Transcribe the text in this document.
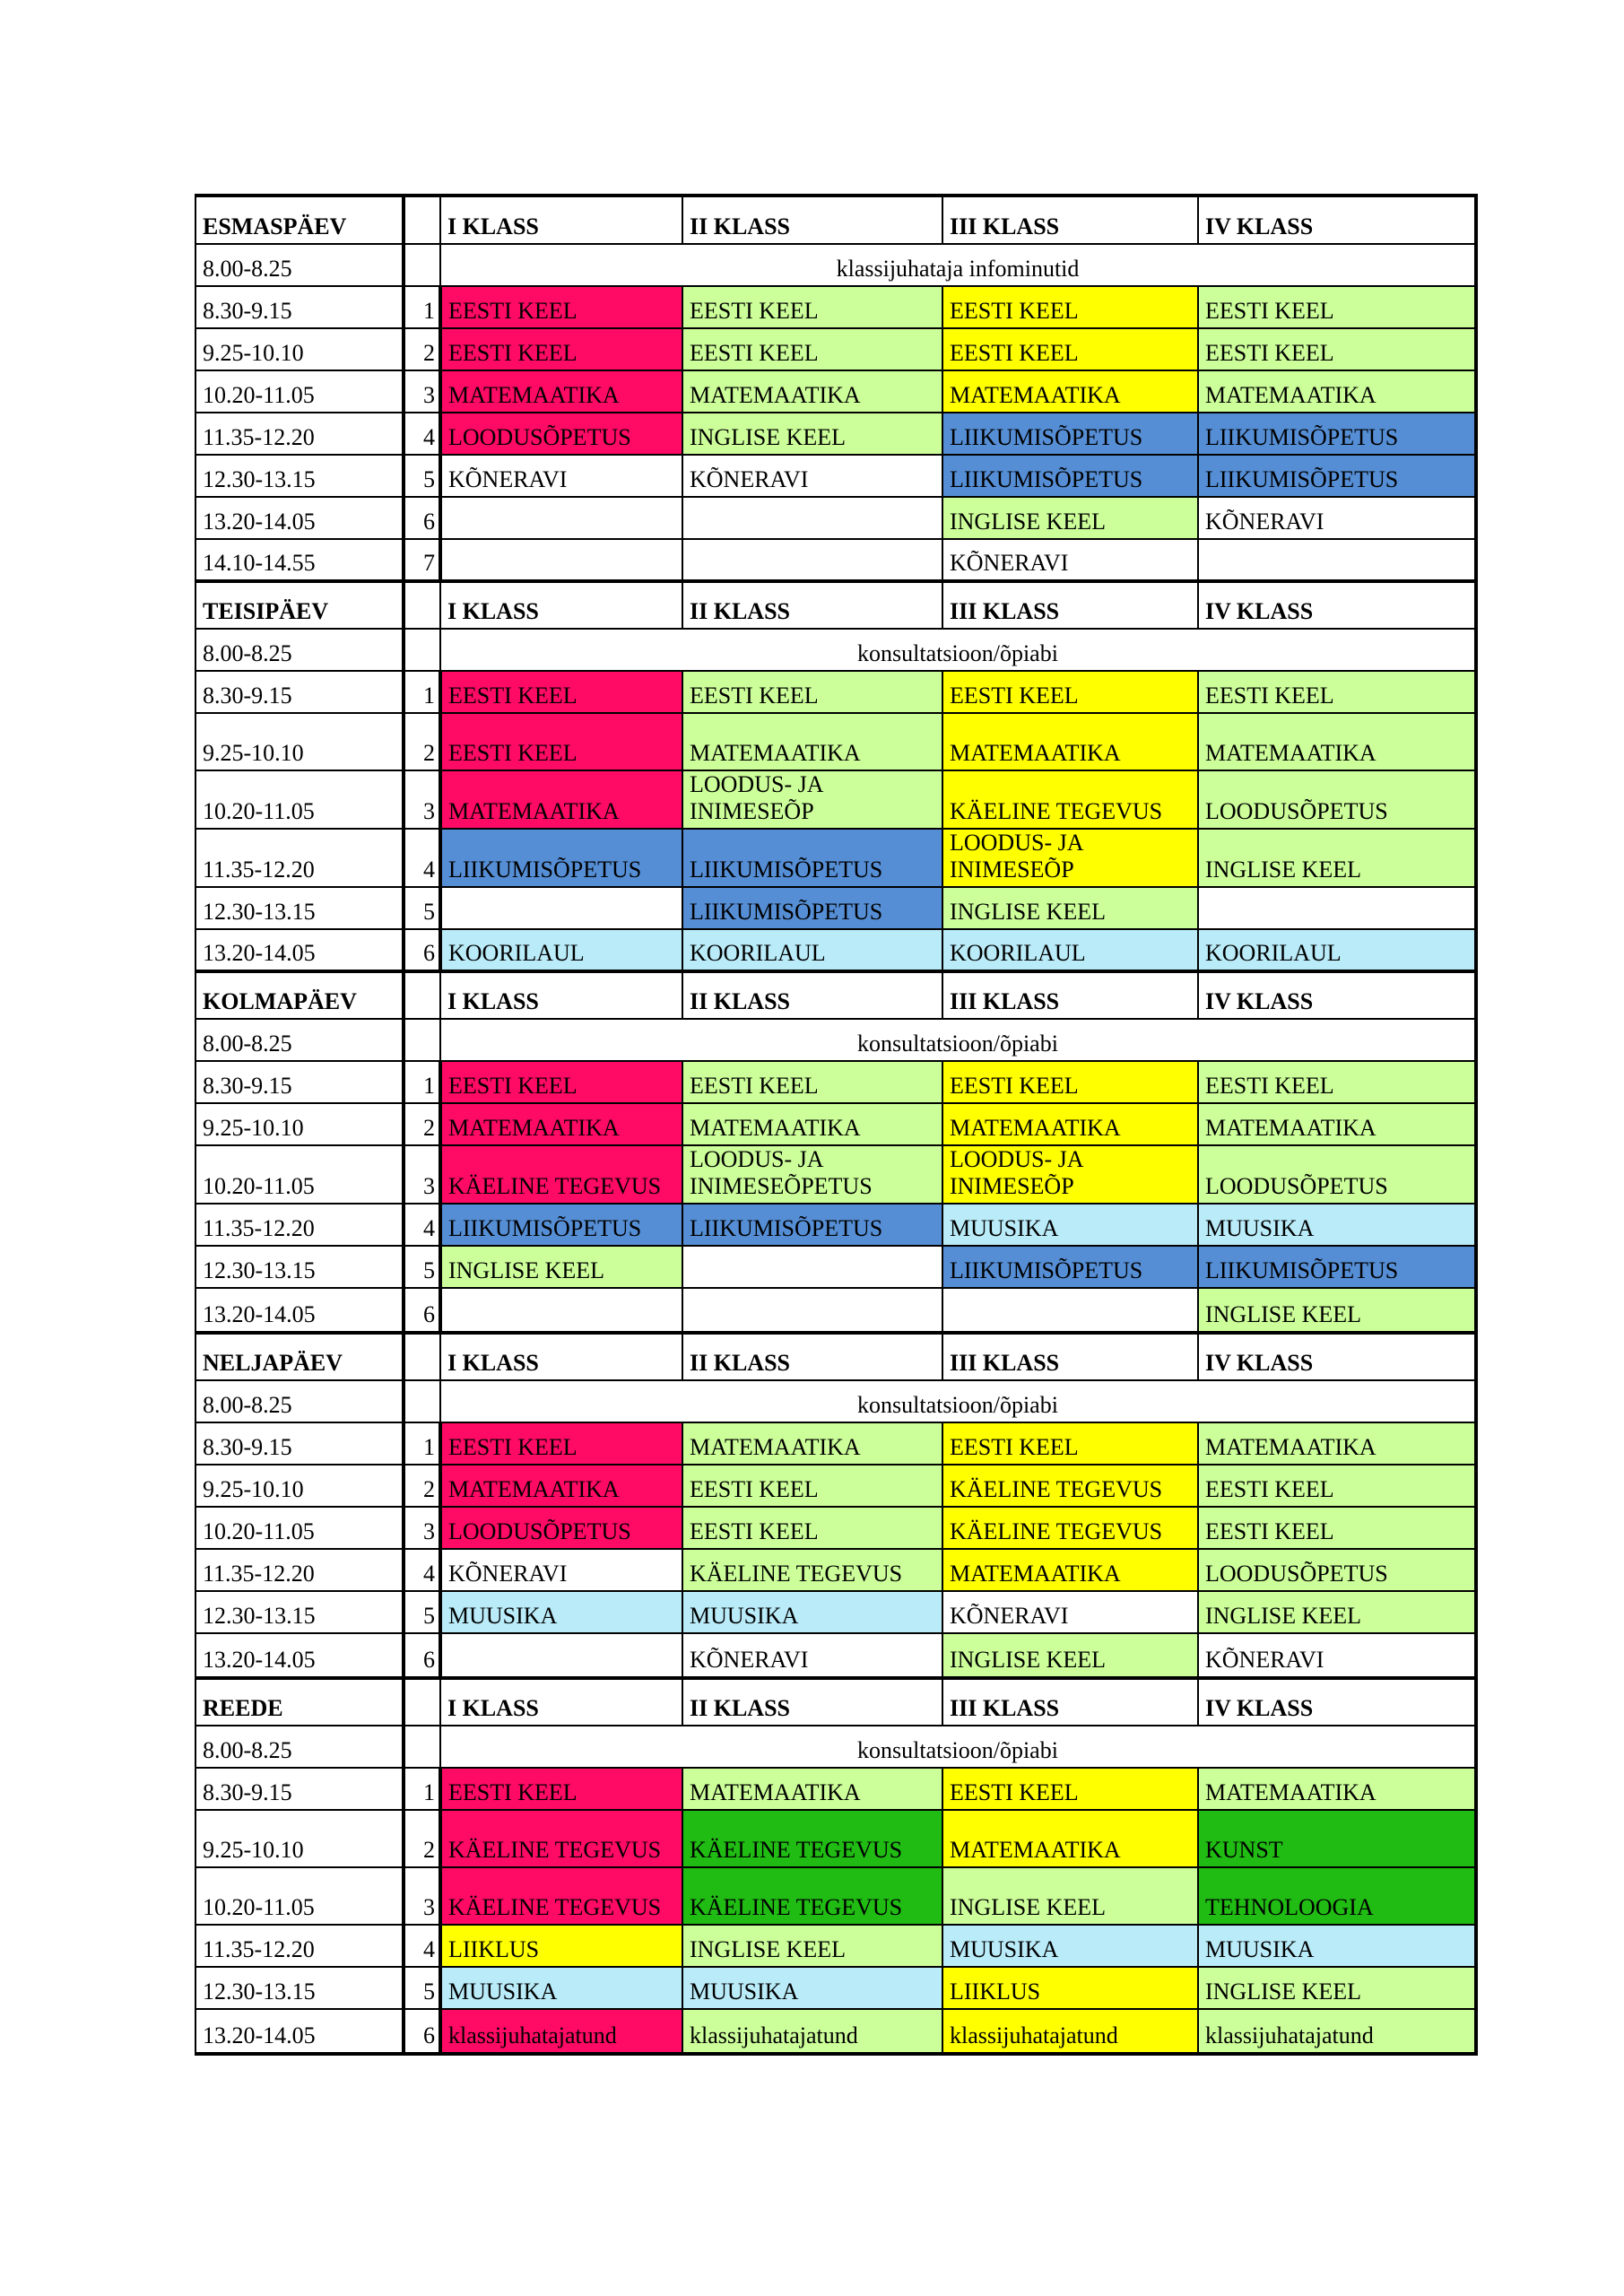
ESMASPÄEV		I KLASS	II KLASS	III KLASS	IV KLASS
8.00-8.25		klassijuhataja infominutid			
8.30-9.15	1	EESTI KEEL	EESTI KEEL	EESTI KEEL	EESTI KEEL
9.25-10.10	2	EESTI KEEL	EESTI KEEL	EESTI KEEL	EESTI KEEL
10.20-11.05	3	MATEMAATIKA	MATEMAATIKA	MATEMAATIKA	MATEMAATIKA
11.35-12.20	4	LOODUSÕPETUS	INGLISE KEEL	LIIKUMISÕPETUS	LIIKUMISÕPETUS
12.30-13.15	5	KÕNERAVI	KÕNERAVI	LIIKUMISÕPETUS	LIIKUMISÕPETUS
13.20-14.05	6			INGLISE KEEL	KÕNERAVI
14.10-14.55	7			KÕNERAVI	
TEISIPÄEV		I KLASS	II KLASS	III KLASS	IV KLASS
8.00-8.25		konsultatsioon/õpiabi			
8.30-9.15	1	EESTI KEEL	EESTI KEEL	EESTI KEEL	EESTI KEEL
9.25-10.10	2	EESTI KEEL	MATEMAATIKA	MATEMAATIKA	MATEMAATIKA
10.20-11.05	3	MATEMAATIKA	LOODUS- JA INIMESEÕP	KÄELINE TEGEVUS	LOODUSÕPETUS
11.35-12.20	4	LIIKUMISÕPETUS	LIIKUMISÕPETUS	LOODUS- JA INIMESEÕP	INGLISE KEEL
12.30-13.15	5		LIIKUMISÕPETUS	INGLISE KEEL	
13.20-14.05	6	KOORILAUL	KOORILAUL	KOORILAUL	KOORILAUL
KOLMAPÄEV		I KLASS	II KLASS	III KLASS	IV KLASS
8.00-8.25		konsultatsioon/õpiabi			
8.30-9.15	1	EESTI KEEL	EESTI KEEL	EESTI KEEL	EESTI KEEL
9.25-10.10	2	MATEMAATIKA	MATEMAATIKA	MATEMAATIKA	MATEMAATIKA
10.20-11.05	3	KÄELINE TEGEVUS	LOODUS- JA INIMESEÕPETUS	LOODUS- JA INIMESEÕP	LOODUSÕPETUS
11.35-12.20	4	LIIKUMISÕPETUS	LIIKUMISÕPETUS	MUUSIKA	MUUSIKA
12.30-13.15	5	INGLISE KEEL		LIIKUMISÕPETUS	LIIKUMISÕPETUS
13.20-14.05	6				INGLISE KEEL
NELJAPÄEV		I KLASS	II KLASS	III KLASS	IV KLASS
8.00-8.25		konsultatsioon/õpiabi			
8.30-9.15	1	EESTI KEEL	MATEMAATIKA	EESTI KEEL	MATEMAATIKA
9.25-10.10	2	MATEMAATIKA	EESTI KEEL	KÄELINE TEGEVUS	EESTI KEEL
10.20-11.05	3	LOODUSÕPETUS	EESTI KEEL	KÄELINE TEGEVUS	EESTI KEEL
11.35-12.20	4	KÕNERAVI	KÄELINE TEGEVUS	MATEMAATIKA	LOODUSÕPETUS
12.30-13.15	5	MUUSIKA	MUUSIKA	KÕNERAVI	INGLISE KEEL
13.20-14.05	6		KÕNERAVI	INGLISE KEEL	KÕNERAVI
REEDE		I KLASS	II KLASS	III KLASS	IV KLASS
8.00-8.25		konsultatsioon/õpiabi			
8.30-9.15	1	EESTI KEEL	MATEMAATIKA	EESTI KEEL	MATEMAATIKA
9.25-10.10	2	KÄELINE TEGEVUS	KÄELINE TEGEVUS	MATEMAATIKA	KUNST
10.20-11.05	3	KÄELINE TEGEVUS	KÄELINE TEGEVUS	INGLISE KEEL	TEHNOLOOGIA
11.35-12.20	4	LIIKLUS	INGLISE KEEL	MUUSIKA	MUUSIKA
12.30-13.15	5	MUUSIKA	MUUSIKA	LIIKLUS	INGLISE KEEL
13.20-14.05	6	klassijuhatajatund	klassijuhatajatund	klassijuhatajatund	klassijuhatajatund
